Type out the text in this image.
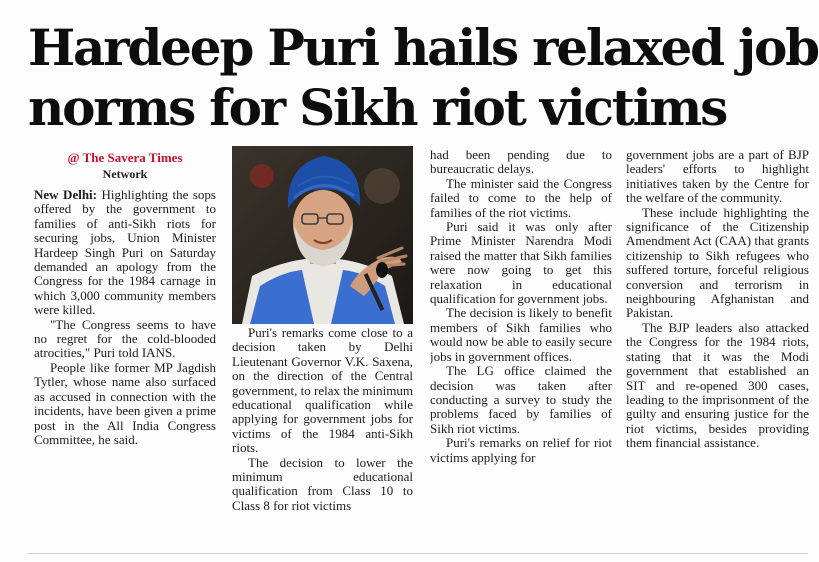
Hardeep Puri hails relaxed job
norms for Sikh riot victims

@ The Savera Times

Network

New Delhi: Highlighting the sops offered by the government to families of anti-Sikh riots for securing jobs, Union Minister Hardeep Singh Puri on Saturday demanded an apology from the Congress for the 1984 carnage in which 3,000 community members were killed.

"The Congress seems to have no regret for the cold-blooded atrocities," Puri told IANS.

People like former MP Jagdish Tytler, whose name also surfaced as accused in connection with the incidents, have been given a prime post in the All India Congress Committee, he said.

Puri's remarks come close to a decision taken by Delhi Lieutenant Governor V.K. Saxena, on the direction of the Central government, to relax the minimum educational qualification while applying for government jobs for victims of the 1984 anti-Sikh riots.

The decision to lower the minimum educational qualification from Class 10 to Class 8 for riot victims

had been pending due to bureaucratic delays.

The minister said the Congress failed to come to the help of families of the riot victims.

Puri said it was only after Prime Minister Narendra Modi raised the matter that Sikh families were now going to get this relaxation in educational qualification for government jobs.

The decision is likely to benefit members of Sikh families who would now be able to easily secure jobs in government offices.

The LG office claimed the decision was taken after conducting a survey to study the problems faced by families of Sikh riot victims.

Puri's remarks on relief for riot victims applying for

government jobs are a part of BJP leaders' efforts to highlight initiatives taken by the Centre for the welfare of the community.

These include highlighting the significance of the Citizenship Amendment Act (CAA) that grants citizenship to Sikh refugees who suffered torture, forceful religious conversion and terrorism in neighbouring Afghanistan and Pakistan.

The BJP leaders also attacked the Congress for the 1984 riots, stating that it was the Modi government that established an SIT and re-opened 300 cases, leading to the imprisonment of the guilty and ensuring justice for the riot victims, besides providing them financial assistance.
